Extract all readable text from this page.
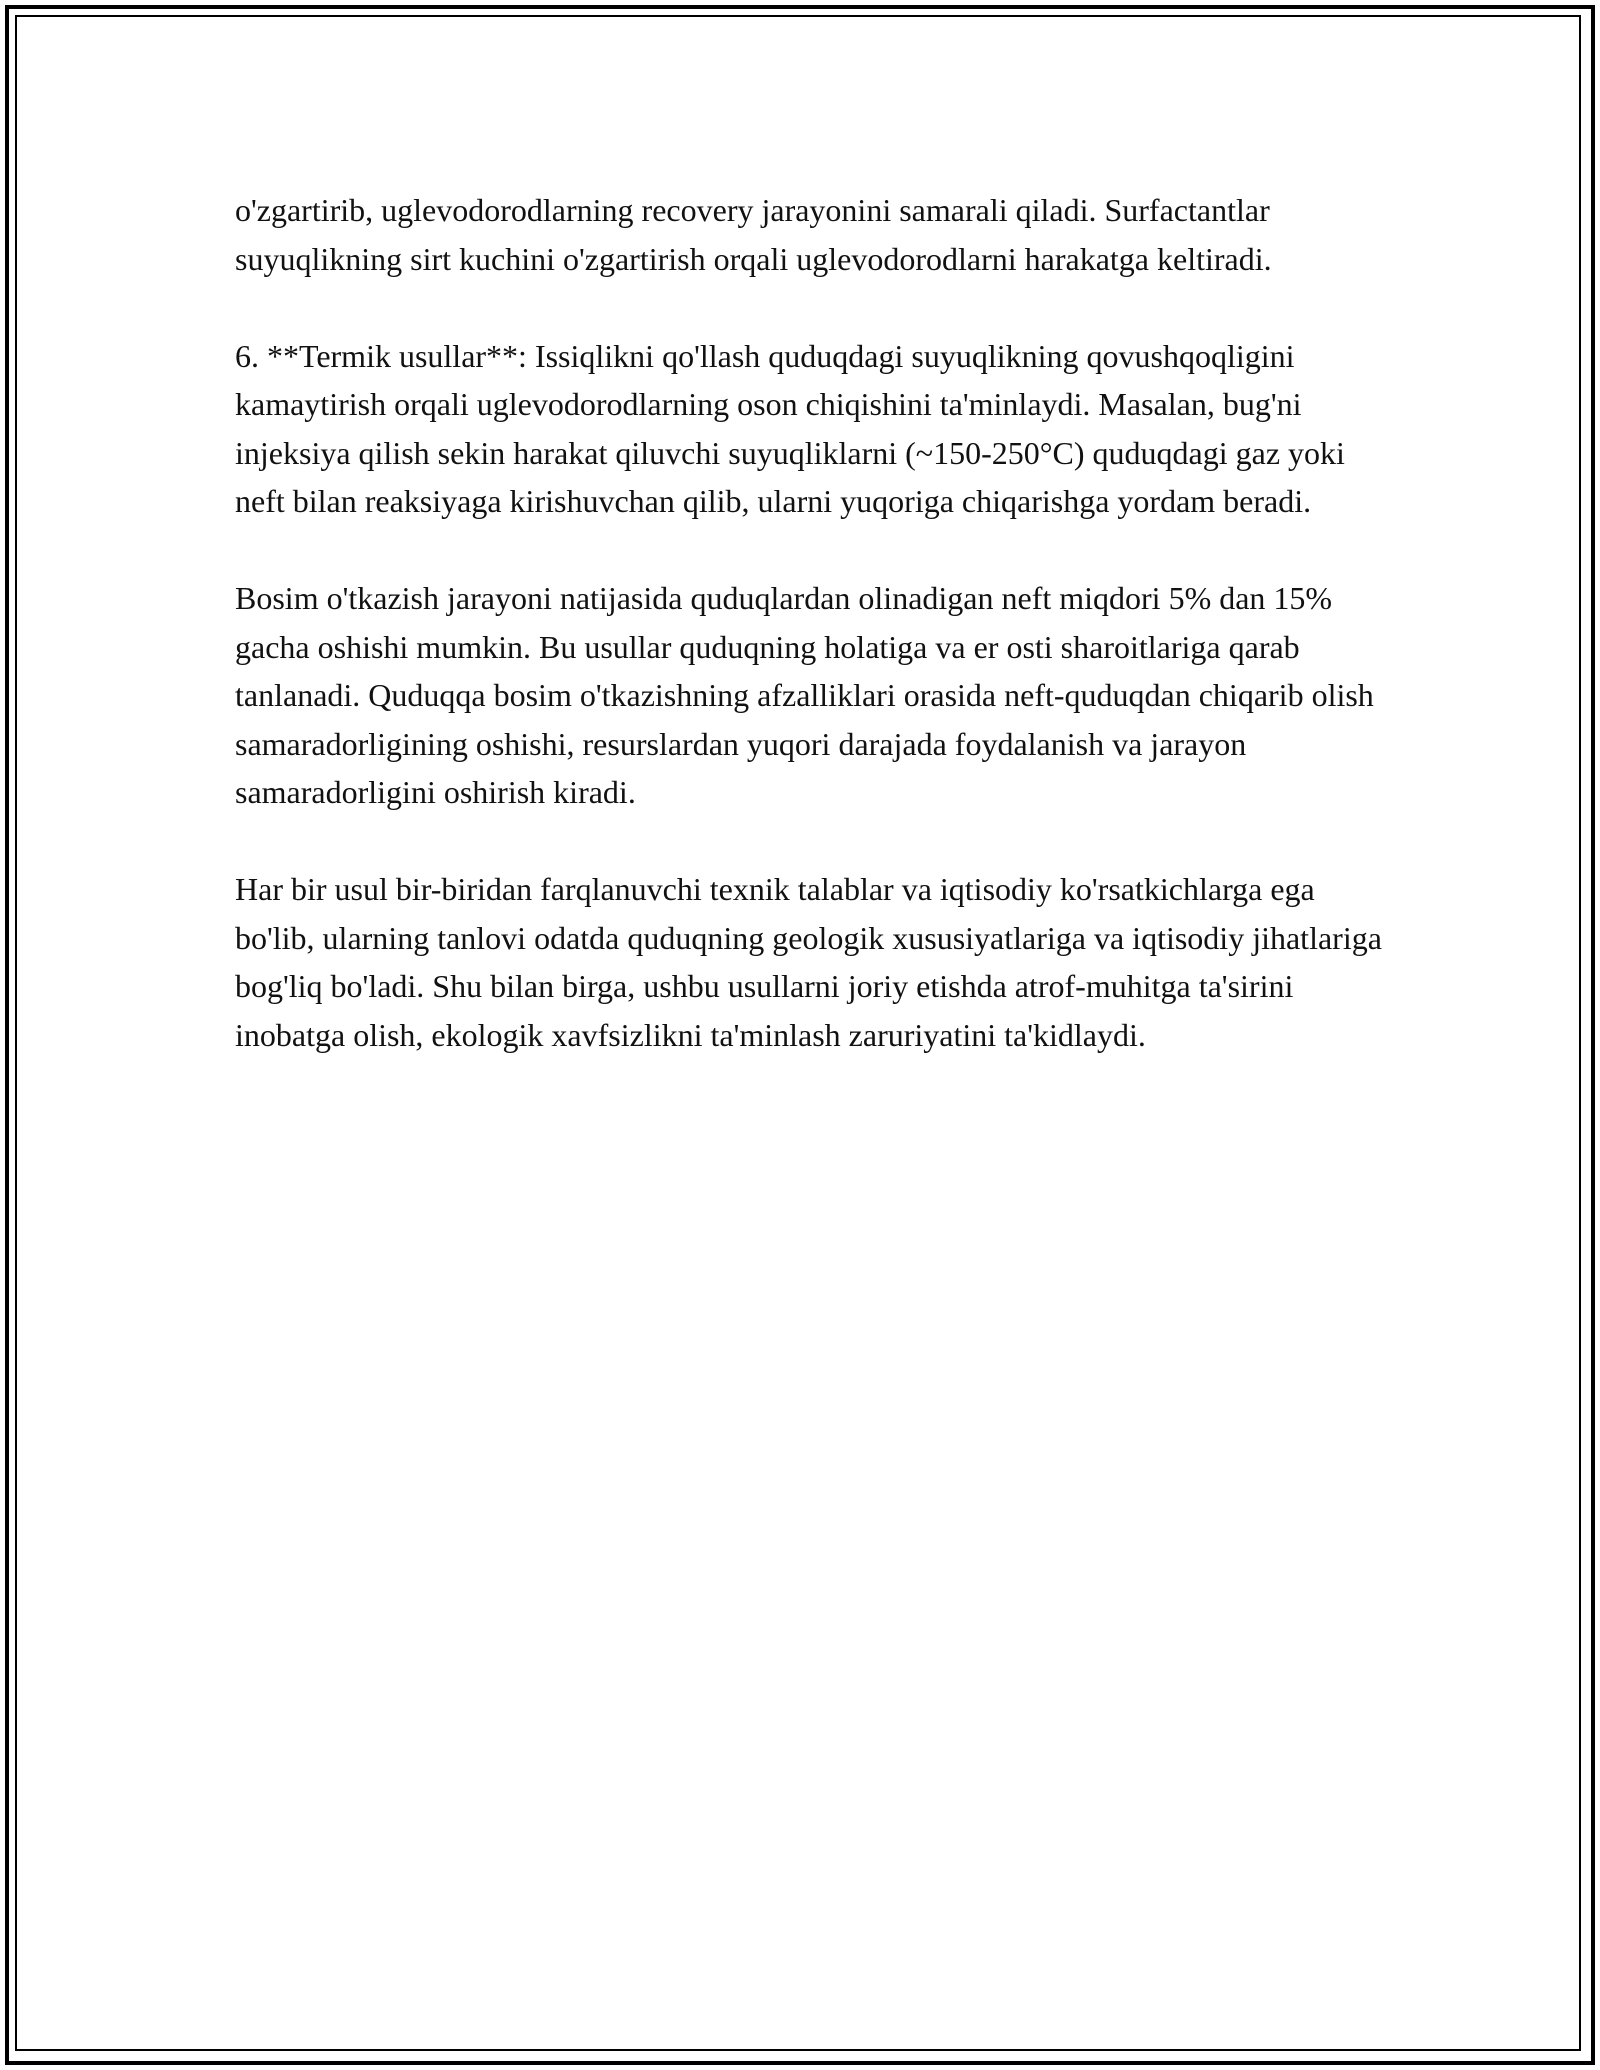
o'zgartirib, uglevodorodlarning recovery jarayonini samarali qiladi. Surfactantlar suyuqlikning sirt kuchini o'zgartirish orqali uglevodorodlarni harakatga keltiradi.

6. **Termik usullar**: Issiqlikni qo'llash quduqdagi suyuqlikning qovushqoqligini kamaytirish orqali uglevodorodlarning oson chiqishini ta'minlaydi. Masalan, bug'ni injeksiya qilish sekin harakat qiluvchi suyuqliklarni (~150-250°C) quduqdagi gaz yoki neft bilan reaksiyaga kirishuvchan qilib, ularni yuqoriga chiqarishga yordam beradi.

Bosim o'tkazish jarayoni natijasida quduqlardan olinadigan neft miqdori 5% dan 15% gacha oshishi mumkin. Bu usullar quduqning holatiga va er osti sharoitlariga qarab tanlanadi. Quduqqa bosim o'tkazishning afzalliklari orasida neft-quduqdan chiqarib olish samaradorligining oshishi, resurslardan yuqori darajada foydalanish va jarayon samaradorligini oshirish kiradi.

Har bir usul bir-biridan farqlanuvchi texnik talablar va iqtisodiy ko'rsatkichlarga ega bo'lib, ularning tanlovi odatda quduqning geologik xususiyatlariga va iqtisodiy jihatlariga bog'liq bo'ladi. Shu bilan birga, ushbu usullarni joriy etishda atrof-muhitga ta'sirini inobatga olish, ekologik xavfsizlikni ta'minlash zaruriyatini ta'kidlaydi.
